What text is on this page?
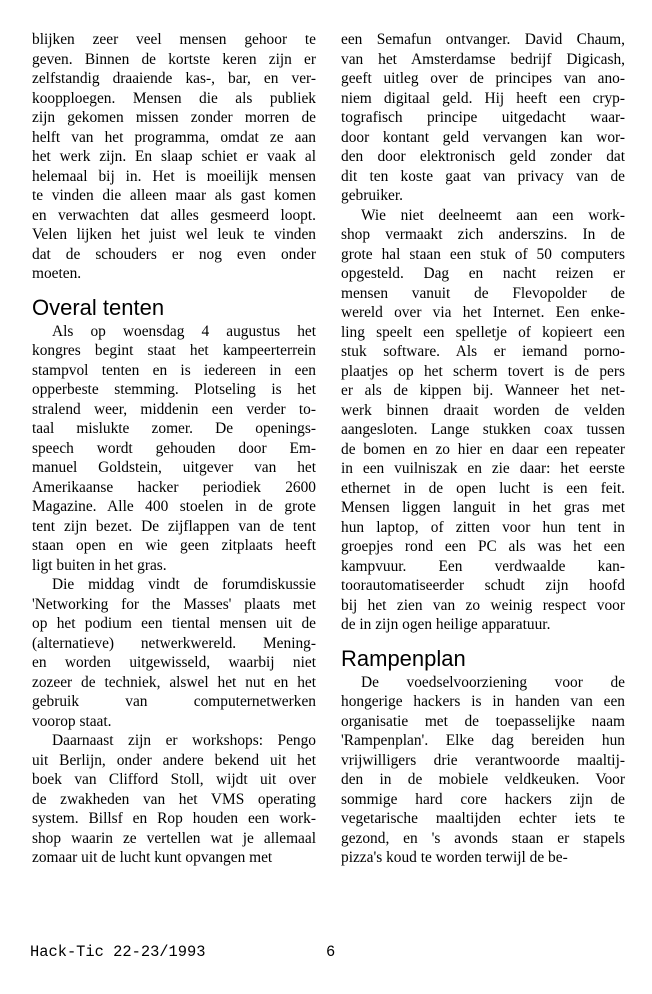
blijken zeer veel mensen gehoor te
geven. Binnen de kortste keren zijn er
zelfstandig draaiende kas-, bar, en ver-
koopploegen. Mensen die als publiek
zijn gekomen missen zonder morren de
helft van het programma, omdat ze aan
het werk zijn. En slaap schiet er vaak al
helemaal bij in. Het is moeilijk mensen
te vinden die alleen maar als gast komen
en verwachten dat alles gesmeerd loopt.
Velen lijken het juist wel leuk te vinden
dat de schouders er nog even onder
moeten.
Overal tenten
Als op woensdag 4 augustus het
kongres begint staat het kampeerterrein
stampvol tenten en is iedereen in een
opperbeste stemming. Plotseling is het
stralend weer, middenin een verder to-
taal mislukte zomer. De openings-
speech wordt gehouden door Em-
manuel Goldstein, uitgever van het
Amerikaanse hacker periodiek 2600
Magazine. Alle 400 stoelen in de grote
tent zijn bezet. De zijflappen van de tent
staan open en wie geen zitplaats heeft
ligt buiten in het gras.
Die middag vindt de forumdiskussie
'Networking for the Masses' plaats met
op het podium een tiental mensen uit de
(alternatieve) netwerkwereld. Mening-
en worden uitgewisseld, waarbij niet
zozeer de techniek, alswel het nut en het
gebruik van computernetwerken
voorop staat.
Daarnaast zijn er workshops: Pengo
uit Berlijn, onder andere bekend uit het
boek van Clifford Stoll, wijdt uit over
de zwakheden van het VMS operating
system. Billsf en Rop houden een work-
shop waarin ze vertellen wat je allemaal
zomaar uit de lucht kunt opvangen met
een Semafun ontvanger. David Chaum,
van het Amsterdamse bedrijf Digicash,
geeft uitleg over de principes van ano-
niem digitaal geld. Hij heeft een cryp-
tografisch principe uitgedacht waar-
door kontant geld vervangen kan wor-
den door elektronisch geld zonder dat
dit ten koste gaat van privacy van de
gebruiker.
Wie niet deelneemt aan een work-
shop vermaakt zich anderszins. In de
grote hal staan een stuk of 50 computers
opgesteld. Dag en nacht reizen er
mensen vanuit de Flevopolder de
wereld over via het Internet. Een enke-
ling speelt een spelletje of kopieert een
stuk software. Als er iemand porno-
plaatjes op het scherm tovert is de pers
er als de kippen bij. Wanneer het net-
werk binnen draait worden de velden
aangesloten. Lange stukken coax tussen
de bomen en zo hier en daar een repeater
in een vuilniszak en zie daar: het eerste
ethernet in de open lucht is een feit.
Mensen liggen languit in het gras met
hun laptop, of zitten voor hun tent in
groepjes rond een PC als was het een
kampvuur. Een verdwaalde kan-
toorautomatiseerder schudt zijn hoofd
bij het zien van zo weinig respect voor
de in zijn ogen heilige apparatuur.
Rampenplan
De voedselvoorziening voor de
hongerige hackers is in handen van een
organisatie met de toepasselijke naam
'Rampenplan'. Elke dag bereiden hun
vrijwilligers drie verantwoorde maaltij-
den in de mobiele veldkeuken. Voor
sommige hard core hackers zijn de
vegetarische maaltijden echter iets te
gezond, en 's avonds staan er stapels
pizza's koud te worden terwijl de be-
Hack-Tic 22-23/1993	6
